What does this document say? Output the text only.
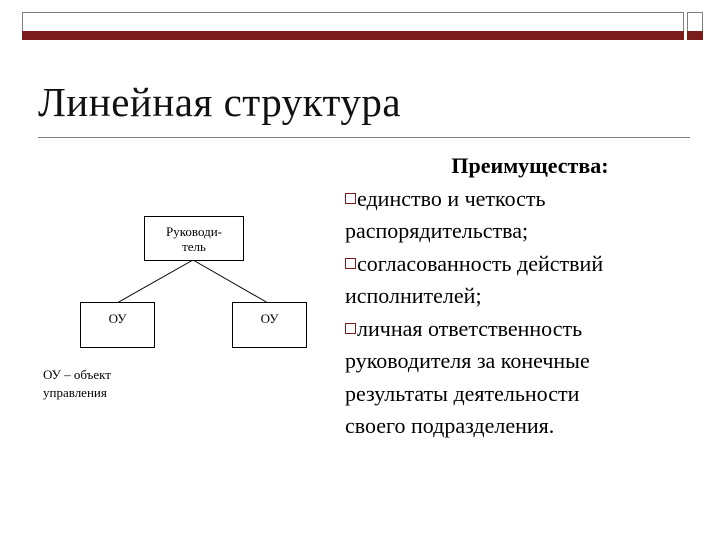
Линейная структура
Руководи-
тель
ОУ	ОУ
ОУ – объект
управления
Преимущества:
единство и четкость
распорядительства;
согласованность действий
исполнителей;
личная ответственность
руководителя за конечные
результаты деятельности
своего подразделения.
